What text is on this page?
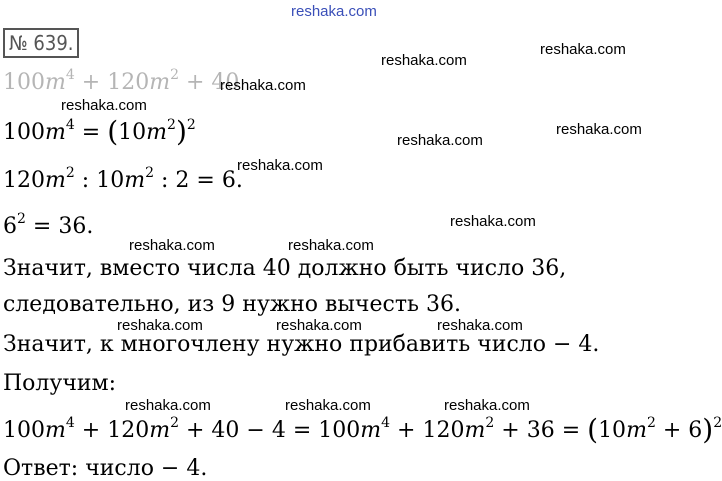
reshaka.com
№ 639.
$100m^4 + 120m^2 + 40$
$100m^4 = (10m^2)^2$
$120m^2$ : $10m^2$ : 2 = 6.
$6^2 = 36$.
Значит, вместо числа 40 должно быть число 36,
следовательно, из 9 нужно вычесть 36.
Значит, к многочлену нужно прибавить число − 4.
Получим:
$100m^4 + 120m^2 + 40 - 4 = 100m^4 + 120m^2 + 36 = (10m^2 + 6)^2$
Ответ: число − 4.
reshaka.com
reshaka.com
reshaka.com
reshaka.com
reshaka.com
reshaka.com
reshaka.com
reshaka.com
reshaka.com	reshaka.com
reshaka.com	reshaka.com	reshaka.com
reshaka.com	reshaka.com	reshaka.com
